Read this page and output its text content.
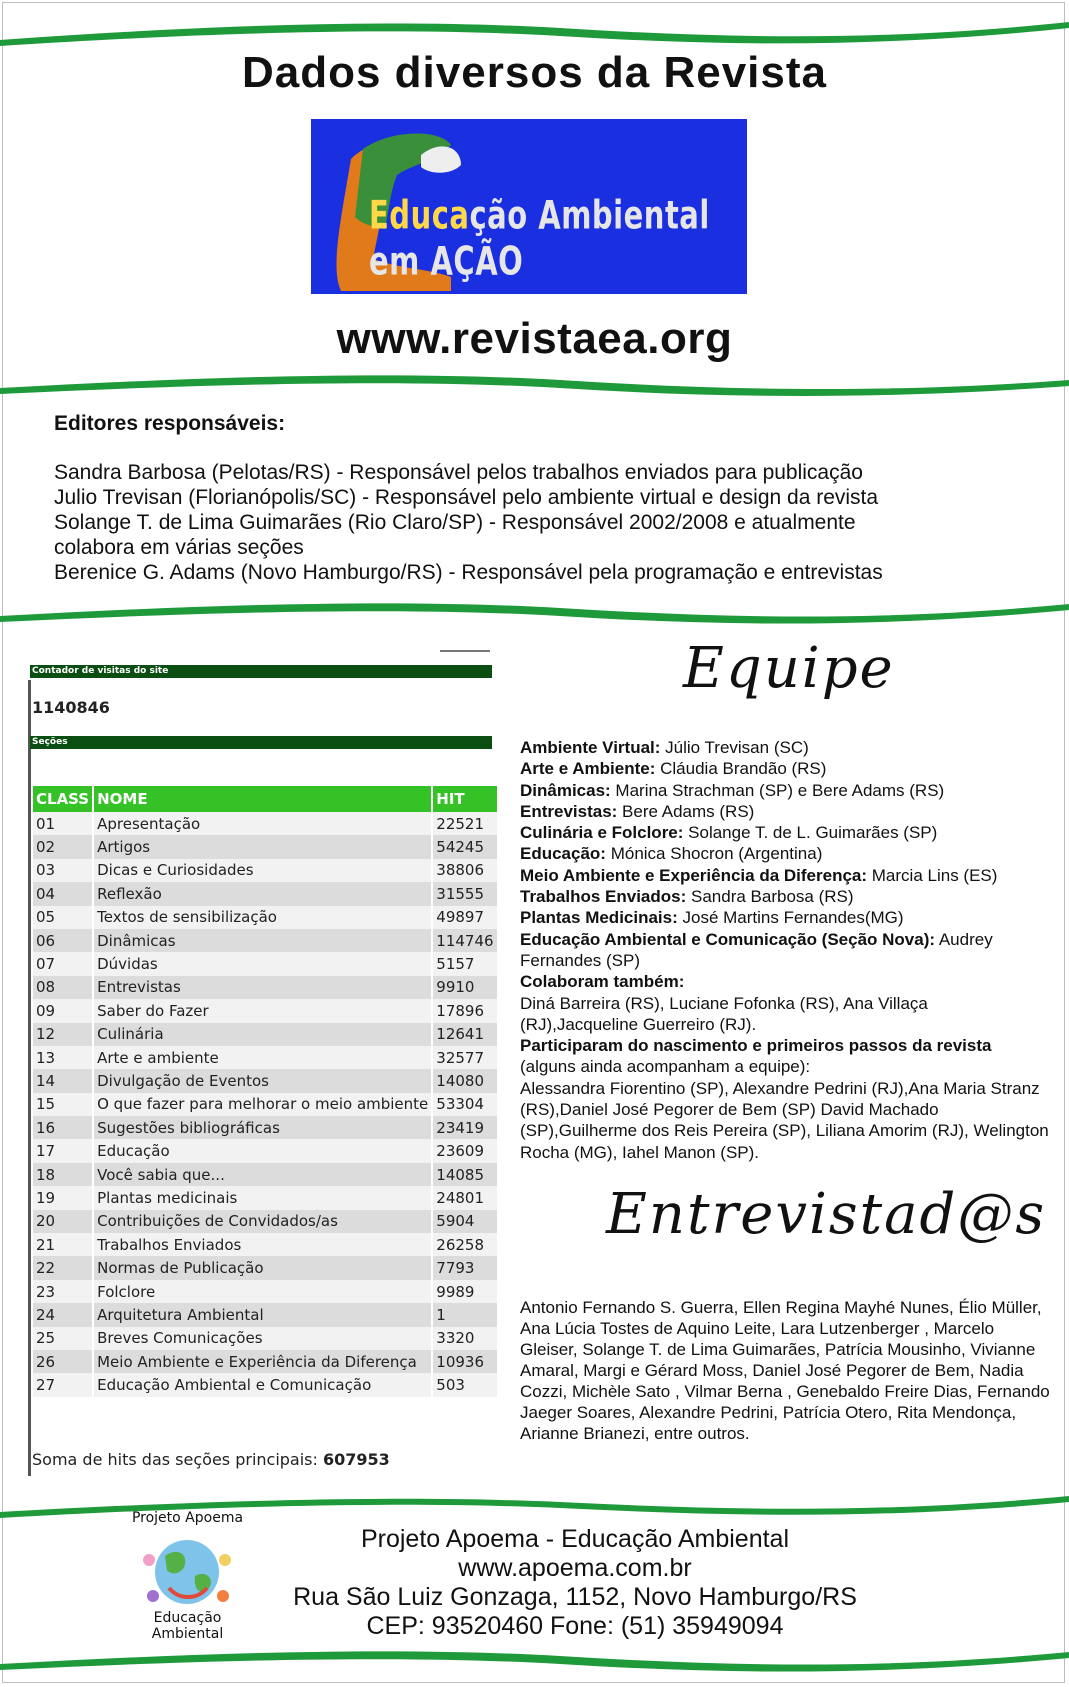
Dados diversos da Revista
Educação Ambiental em AÇÃO
www.revistaea.org
Editores responsáveis:
Sandra Barbosa (Pelotas/RS) - Responsável pelos trabalhos enviados para publicação
Julio Trevisan (Florianópolis/SC) - Responsável pelo ambiente virtual e design da revista
Solange T. de Lima Guimarães (Rio Claro/SP) - Responsável 2002/2008 e atualmente
colabora em várias seções
Berenice G. Adams (Novo Hamburgo/RS) - Responsável pela programação e entrevistas
Contador de visitas do site
1140846
Seções
CLASS	NOME	HIT
01	Apresentação	22521
02	Artigos	54245
03	Dicas e Curiosidades	38806
04	Reflexão	31555
05	Textos de sensibilização	49897
06	Dinâmicas	114746
07	Dúvidas	5157
08	Entrevistas	9910
09	Saber do Fazer	17896
12	Culinária	12641
13	Arte e ambiente	32577
14	Divulgação de Eventos	14080
15	O que fazer para melhorar o meio ambiente	53304
16	Sugestões bibliográficas	23419
17	Educação	23609
18	Você sabia que...	14085
19	Plantas medicinais	24801
20	Contribuições de Convidados/as	5904
21	Trabalhos Enviados	26258
22	Normas de Publicação	7793
23	Folclore	9989
24	Arquitetura Ambiental	1
25	Breves Comunicações	3320
26	Meio Ambiente e Experiência da Diferença	10936
27	Educação Ambiental e Comunicação	503
Soma de hits das seções principais: 607953
Equipe
Ambiente Virtual: Júlio Trevisan (SC)
Arte e Ambiente: Cláudia Brandão (RS)
Dinâmicas: Marina Strachman (SP) e Bere Adams (RS)
Entrevistas: Bere Adams (RS)
Culinária e Folclore: Solange T. de L. Guimarães (SP)
Educação: Mónica Shocron (Argentina)
Meio Ambiente e Experiência da Diferença: Marcia Lins (ES)
Trabalhos Enviados: Sandra Barbosa (RS)
Plantas Medicinais: José Martins Fernandes(MG)
Educação Ambiental e Comunicação (Seção Nova): Audrey Fernandes (SP)
Colaboram também:
Diná Barreira (RS), Luciane Fofonka (RS), Ana Villaça (RJ),Jacqueline Guerreiro (RJ).
Participaram do nascimento e primeiros passos da revista
(alguns ainda acompanham a equipe):
Alessandra Fiorentino (SP), Alexandre Pedrini (RJ),Ana Maria Stranz (RS),Daniel José Pegorer de Bem (SP) David Machado (SP),Guilherme dos Reis Pereira (SP), Liliana Amorim (RJ), Welington Rocha (MG), Iahel Manon (SP).
Entrevistad@s
Antonio Fernando S. Guerra, Ellen Regina Mayhé Nunes, Élio Müller, Ana Lúcia Tostes de Aquino Leite, Lara Lutzenberger , Marcelo Gleiser, Solange T. de Lima Guimarães, Patrícia Mousinho, Vivianne Amaral, Margi e Gérard Moss, Daniel José Pegorer de Bem, Nadia Cozzi, Michèle Sato , Vilmar Berna , Genebaldo Freire Dias, Fernando Jaeger Soares, Alexandre Pedrini, Patrícia Otero, Rita Mendonça, Arianne Brianezi, entre outros.
Projeto Apoema
Educação
Ambiental
Projeto Apoema - Educação Ambiental
www.apoema.com.br
Rua São Luiz Gonzaga, 1152, Novo Hamburgo/RS
CEP: 93520460 Fone: (51) 35949094
